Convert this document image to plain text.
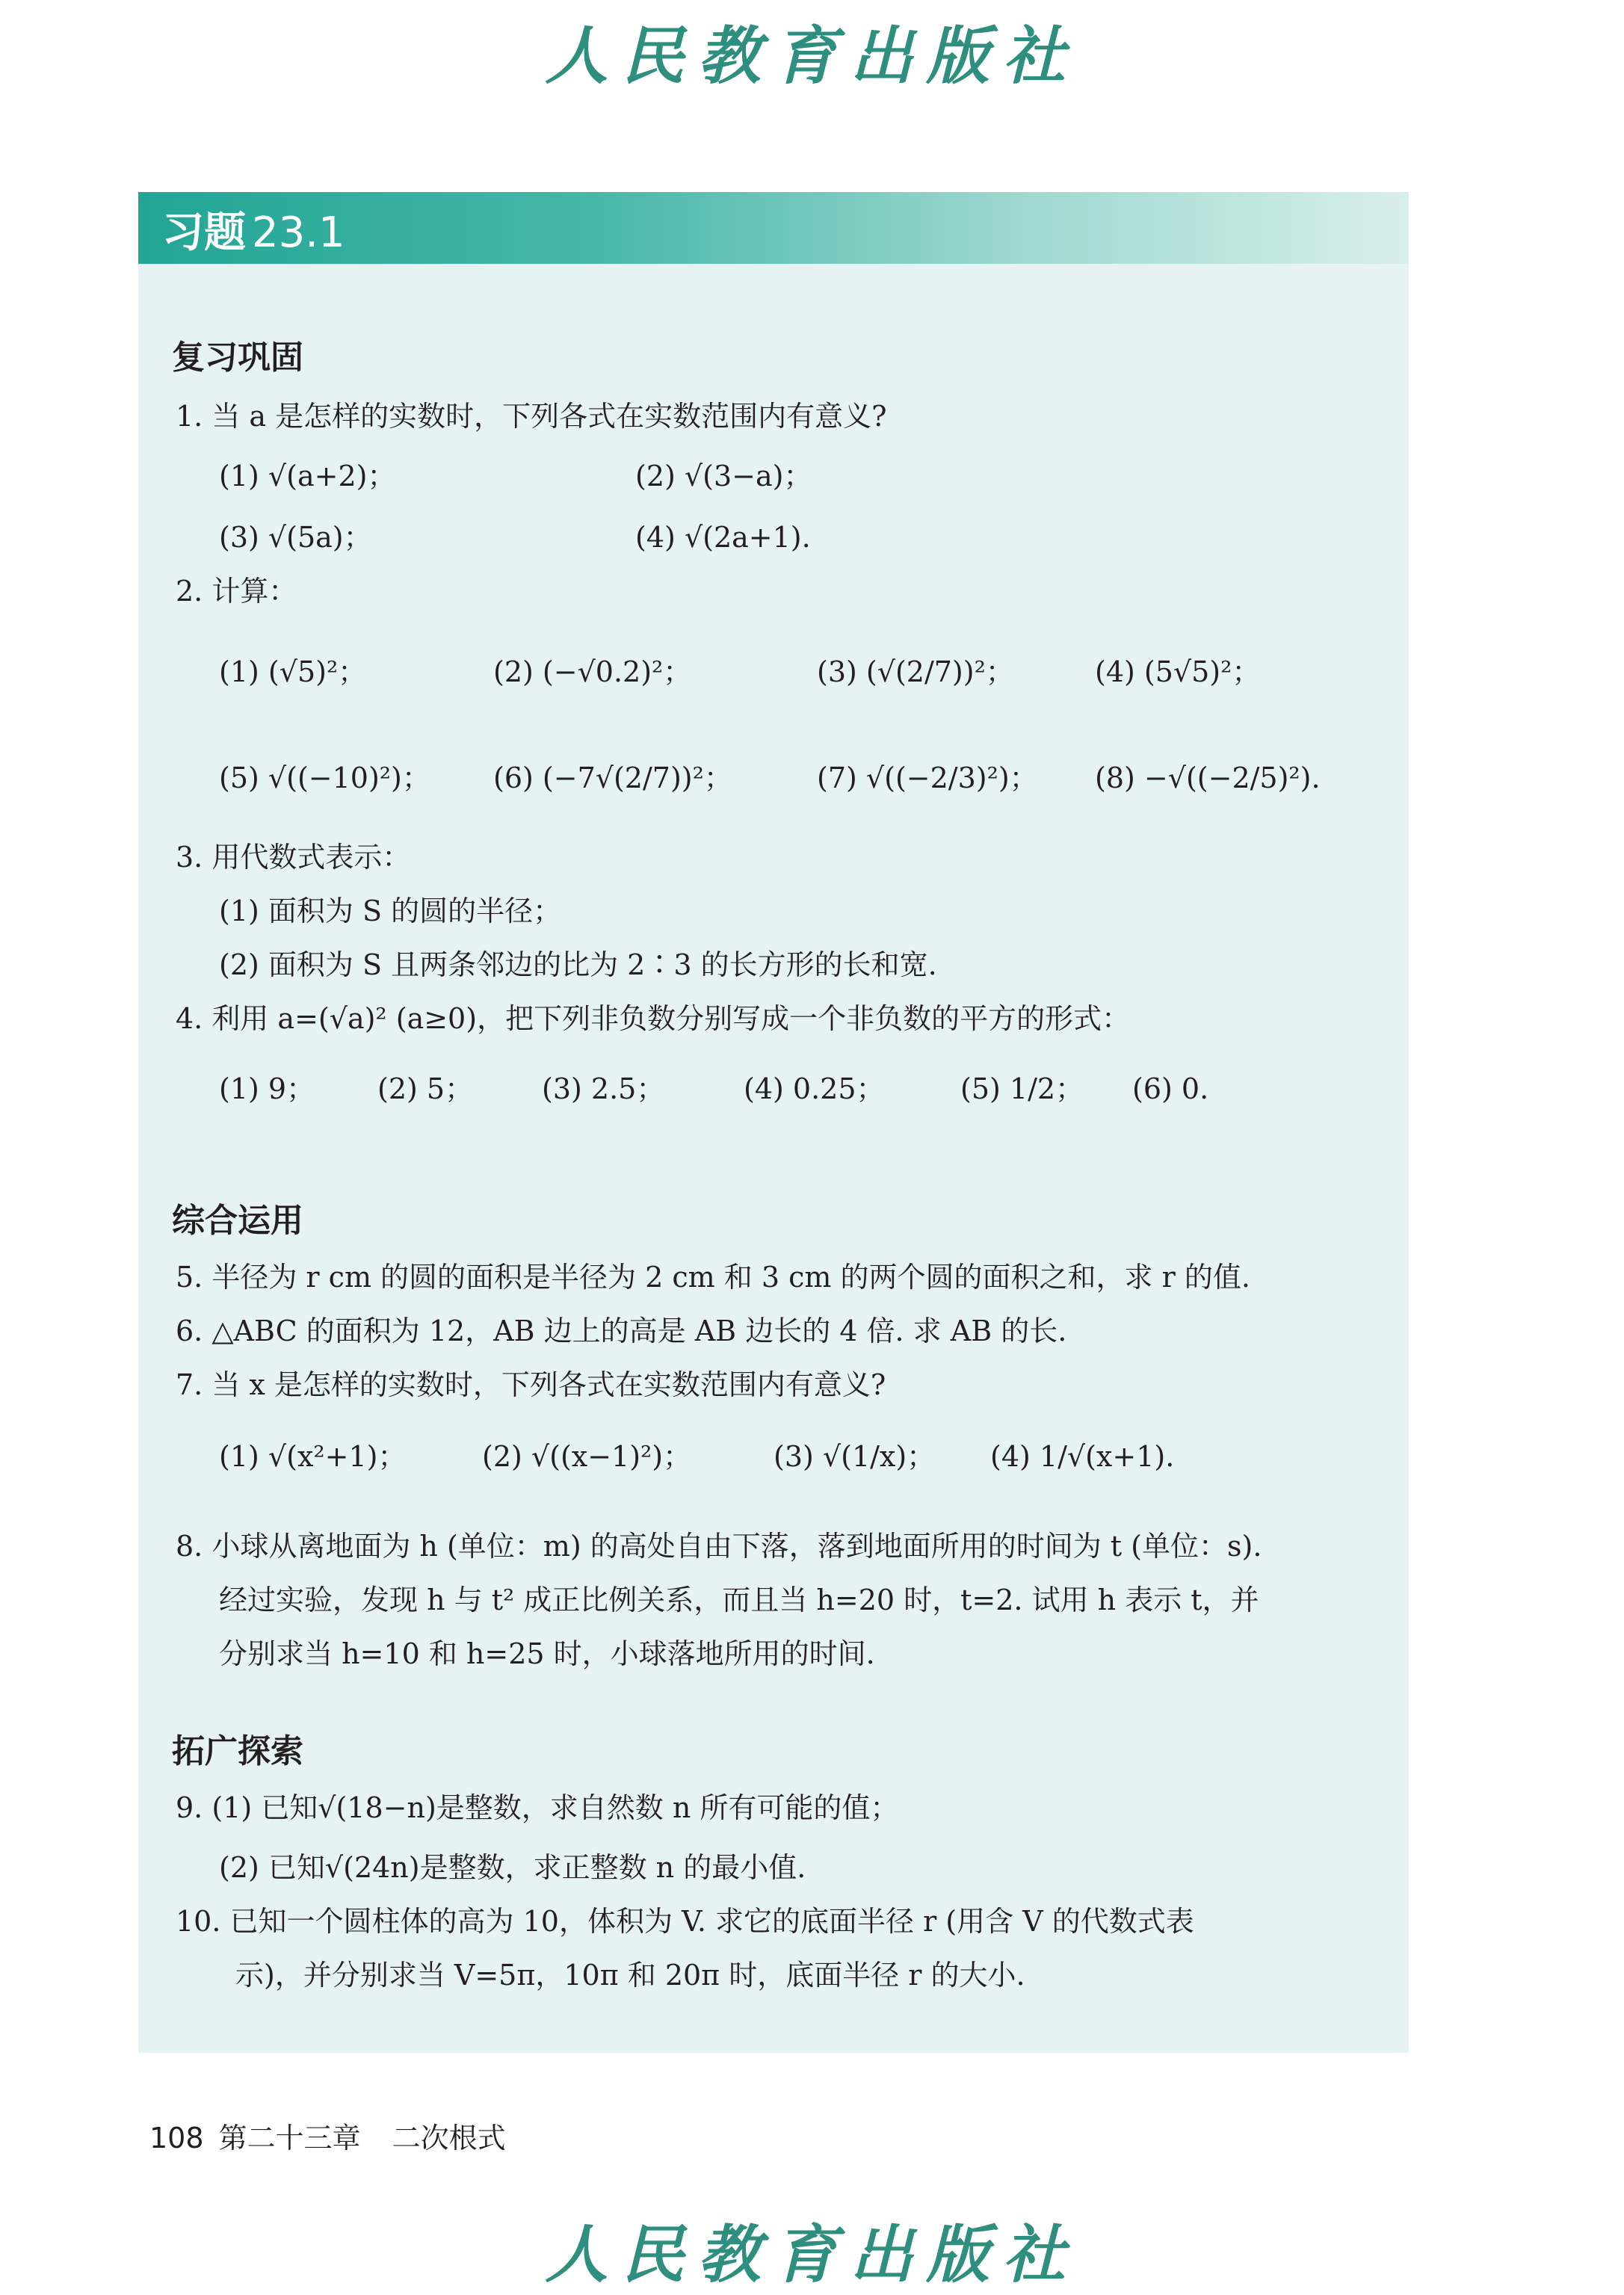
人民教育出版社
习题 23.1
复习巩固
1. 当 a 是怎样的实数时，下列各式在实数范围内有意义?
(1) √(a+2)；	(2) √(3−a)；
(3) √(5a)；	(4) √(2a+1).
2. 计算：
(1) (√5)²；	(2) (−√0.2)²；	(3) (√(2/7))²；	(4) (5√5)²；
(5) √((−10)²)； (6) (−7√(2/7))²；	(7) √((−2/3)²)； (8) −√((−2/5)²).
3. 用代数式表示：
(1) 面积为 S 的圆的半径；
(2) 面积为 S 且两条邻边的比为 2∶3 的长方形的长和宽.
4. 利用 a=(√a)² (a≥0)，把下列非负数分别写成一个非负数的平方的形式：
(1) 9； (2) 5； (3) 2.5；	(4) 0.25；	(5) 1/2； (6) 0.
综合运用
5. 半径为 r cm 的圆的面积是半径为 2 cm 和 3 cm 的两个圆的面积之和，求 r 的值.
6. △ABC 的面积为 12，AB 边上的高是 AB 边长的 4 倍. 求 AB 的长.
7. 当 x 是怎样的实数时，下列各式在实数范围内有意义?
(1) √(x²+1)；	(2) √((x−1)²)；	(3) √(1/x)； (4) 1/√(x+1).
8. 小球从离地面为 h (单位：m) 的高处自由下落，落到地面所用的时间为 t (单位：s).
经过实验，发现 h 与 t² 成正比例关系，而且当 h=20 时，t=2. 试用 h 表示 t，并
分别求当 h=10 和 h=25 时，小球落地所用的时间.
拓广探索
9. (1) 已知√(18−n)是整数，求自然数 n 所有可能的值；
(2) 已知√(24n)是整数，求正整数 n 的最小值.
10. 已知一个圆柱体的高为 10，体积为 V. 求它的底面半径 r (用含 V 的代数式表
示)，并分别求当 V=5π，10π 和 20π 时，底面半径 r 的大小.
108 第二十三章 二次根式
人民教育出版社
